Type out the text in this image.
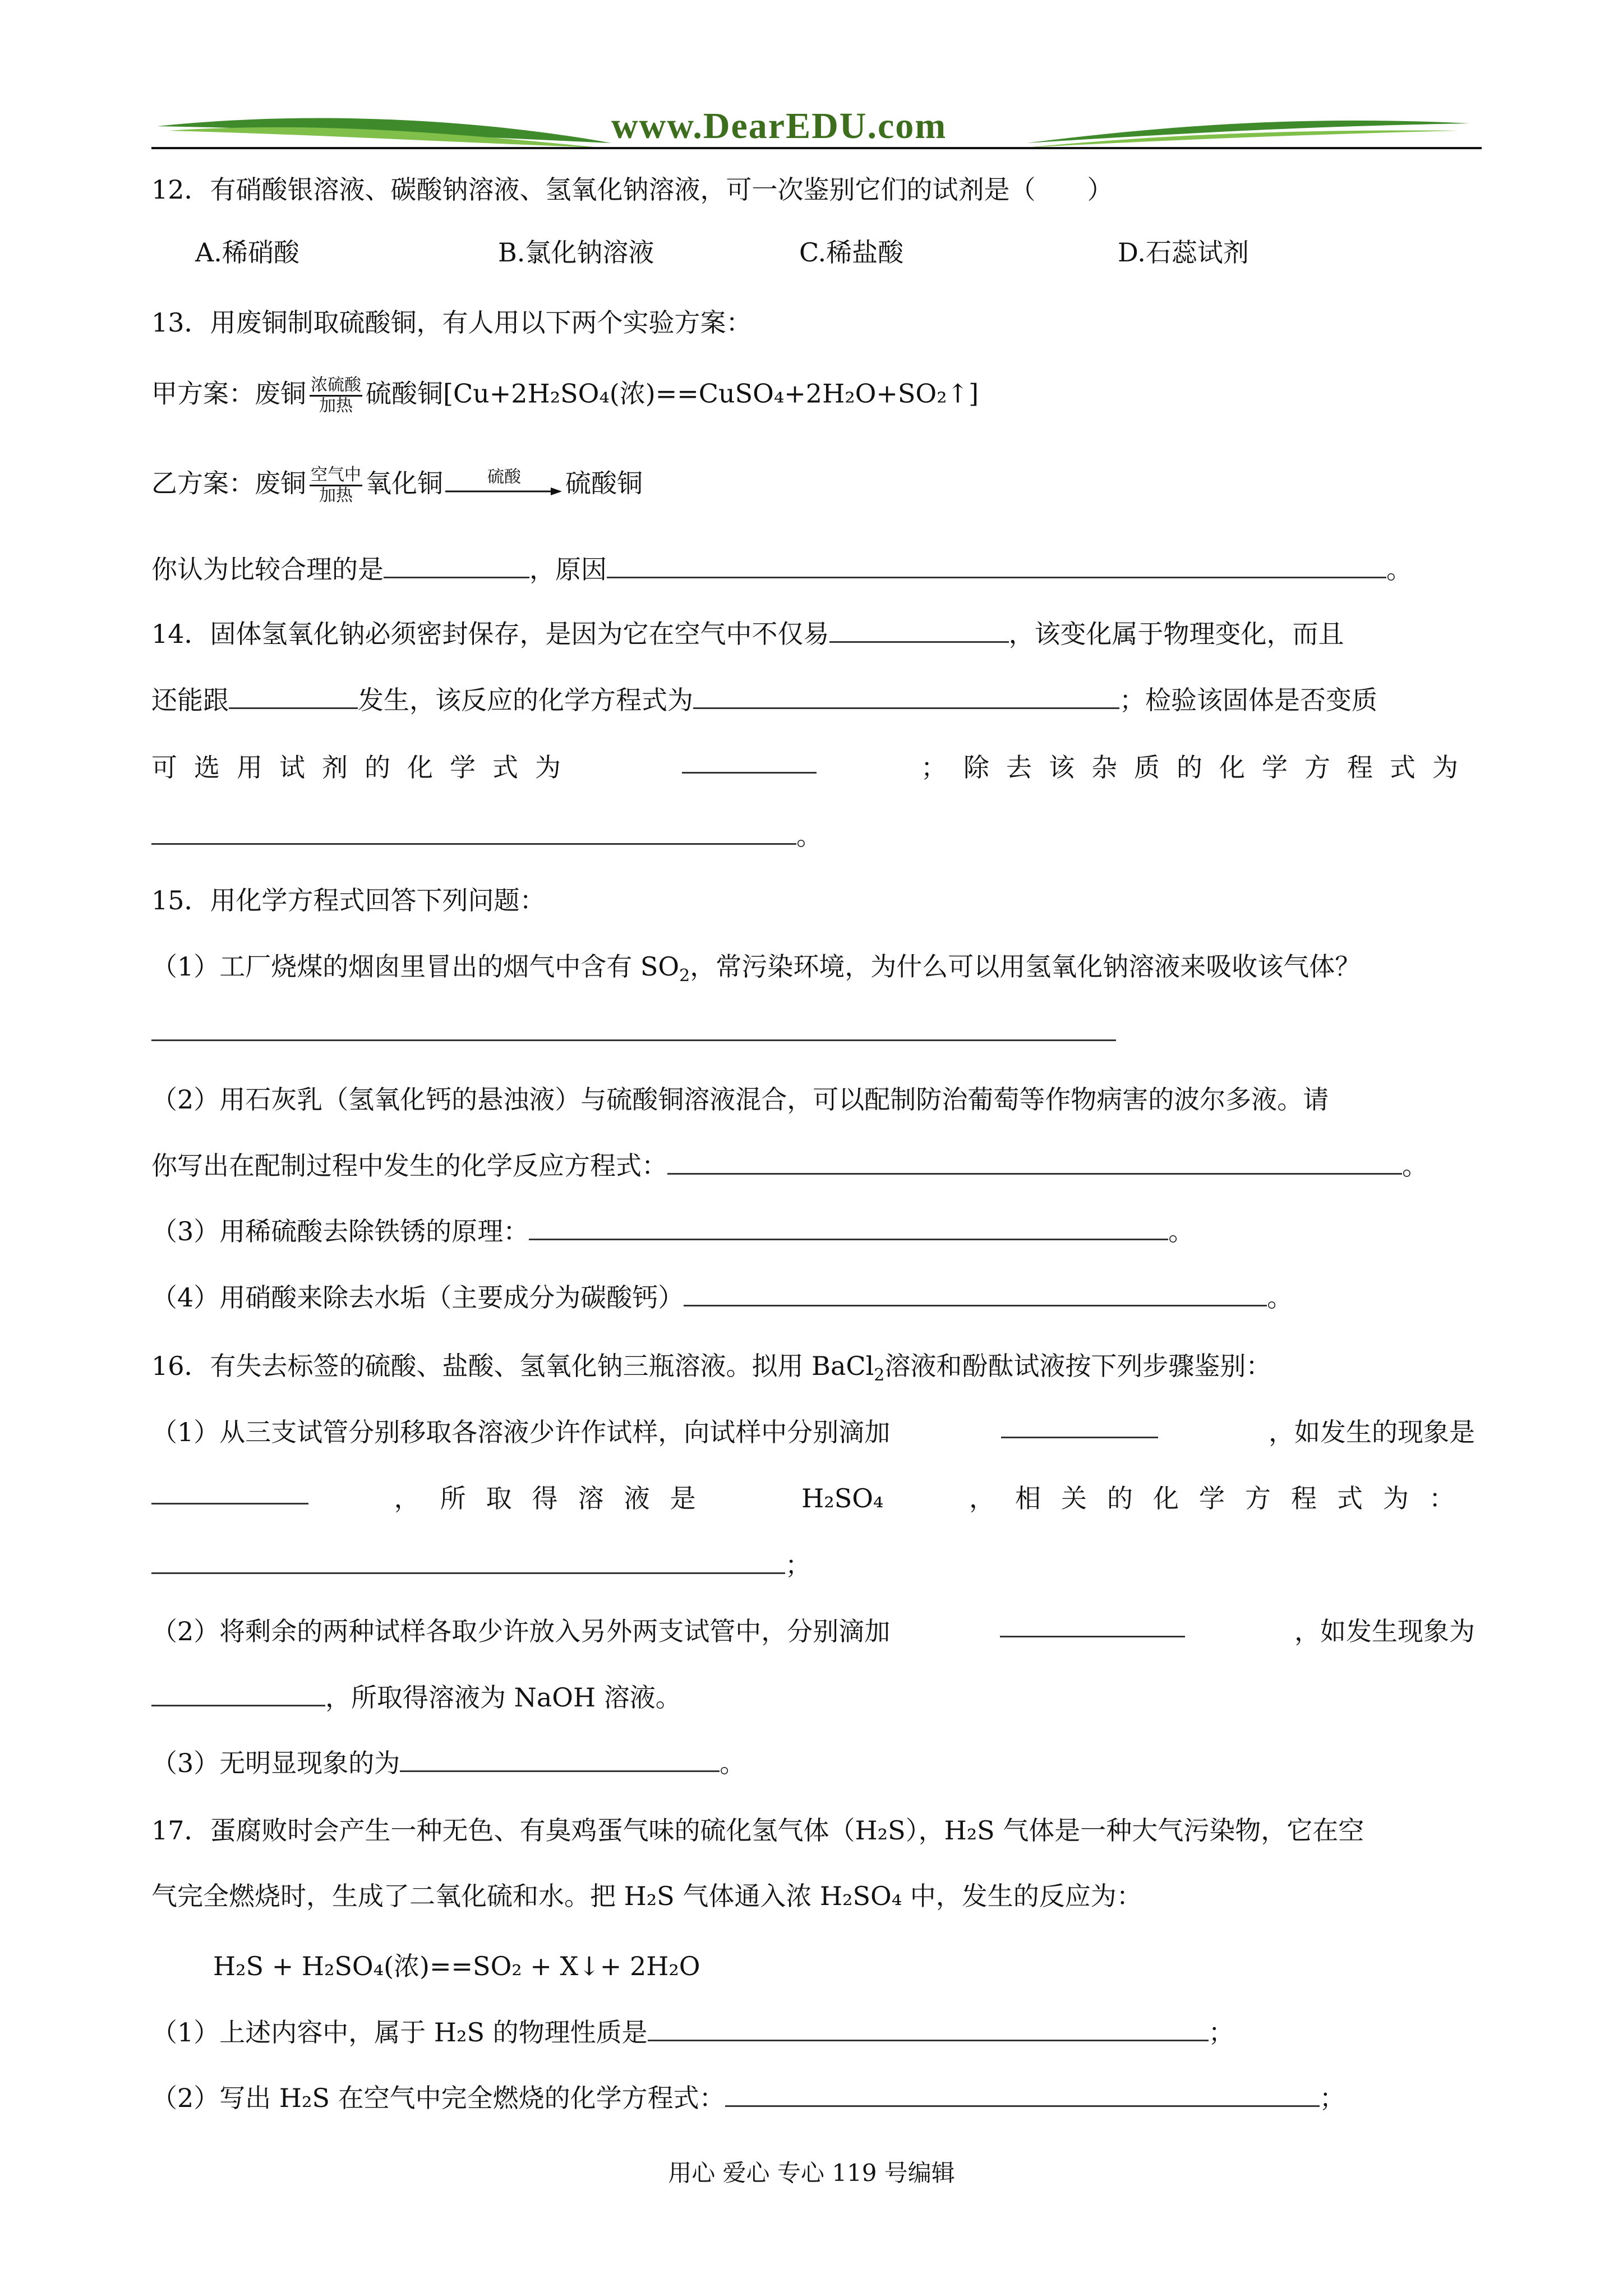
www.DearEDU.com
12．有硝酸银溶液、碳酸钠溶液、氢氧化钠溶液，可一次鉴别它们的试剂是（　　）
A.稀硝酸	B.氯化钠溶液	C.稀盐酸	D.石蕊试剂
13．用废铜制取硫酸铜，有人用以下两个实验方案：
甲方案：废铜 $\frac{\text{浓硫酸}}{\text{加热}}$ 硫酸铜[Cu+2H₂SO₄(浓)==CuSO₄+2H₂O+SO₂↑]
乙方案：废铜 $\frac{\text{空气中}}{\text{加热}}$ 氧化铜	硫酸	硫酸铜
你认为比较合理的是	，原因	。
14．固体氢氧化钠必须密封保存，是因为它在空气中不仅易	，该变化属于物理变化，而且
还能跟	发生，该反应的化学方程式为	；检验该固体是否变质
可选用试剂的化学式为	；除去该杂质的化学方程式为
。
15．用化学方程式回答下列问题：
（1）工厂烧煤的烟囱里冒出的烟气中含有 $SO_2$，常污染环境，为什么可以用氢氧化钠溶液来吸收该气体？
（2）用石灰乳（氢氧化钙的悬浊液）与硫酸铜溶液混合，可以配制防治葡萄等作物病害的波尔多液。请
你写出在配制过程中发生的化学反应方程式：	。
（3）用稀硫酸去除铁锈的原理：	。
（4）用硝酸来除去水垢（主要成分为碳酸钙）	。
16．有失去标签的硫酸、盐酸、氢氧化钠三瓶溶液。拟用 BaCl$_2$溶液和酚酞试液按下列步骤鉴别：
（1）从三支试管分别移取各溶液少许作试样，向试样中分别滴加	，如发生的现象是
，所取得溶液是	H₂SO₄	，相关的化学方程式为：
；
（2）将剩余的两种试样各取少许放入另外两支试管中，分别滴加	，如发生现象为
，所取得溶液为 NaOH 溶液。
（3）无明显现象的为	。
17．蛋腐败时会产生一种无色、有臭鸡蛋气味的硫化氢气体（H₂S），H₂S 气体是一种大气污染物，它在空
气完全燃烧时，生成了二氧化硫和水。把 H₂S 气体通入浓 H₂SO₄ 中，发生的反应为：
H₂S + H₂SO₄(浓)==SO₂ + X↓+ 2H₂O
（1）上述内容中，属于 H₂S 的物理性质是	；
（2）写出 H₂S 在空气中完全燃烧的化学方程式：	；
用心 爱心 专心 119 号编辑
